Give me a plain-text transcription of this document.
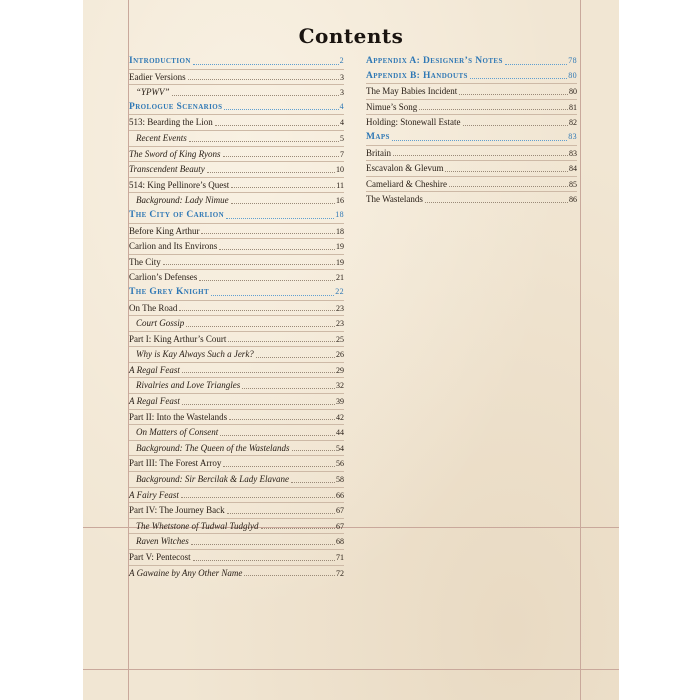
Contents
Introduction	2
Eadier Versions	3
“YPWV”	3
Prologue Scenarios	4
513: Bearding the Lion	4
Recent Events	5
The Sword of King Ryons	7
Transcendent Beauty	10
514: King Pellinore’s Quest	11
Background: Lady Nimue	16
The City of Carlion	18
Before King Arthur	18
Carlion and Its Environs	19
The City	19
Carlion’s Defenses	21
The Grey Knight	22
On The Road	23
Court Gossip	23
Part I: King Arthur’s Court	25
Why is Kay Always Such a Jerk?	26
A Regal Feast	29
Rivalries and Love Triangles	32
A Regal Feast	39
Part II: Into the Wastelands	42
On Matters of Consent	44
Background: The Queen of the Wastelands	54
Part III: The Forest Arroy	56
Background: Sir Bercilak & Lady Elavane	58
A Fairy Feast	66
Part IV: The Journey Back	67
The Whetstone of Tudwal Tudglyd	67
Raven Witches	68
Part V: Pentecost	71
A Gawaine by Any Other Name	72
Appendix A: Designer’s Notes	78
Appendix B: Handouts	80
The May Babies Incident	80
Nimue’s Song	81
Holding: Stonewall Estate	82
Maps	83
Britain	83
Escavalon & Glevum	84
Cameliard & Cheshire	85
The Wastelands	86
